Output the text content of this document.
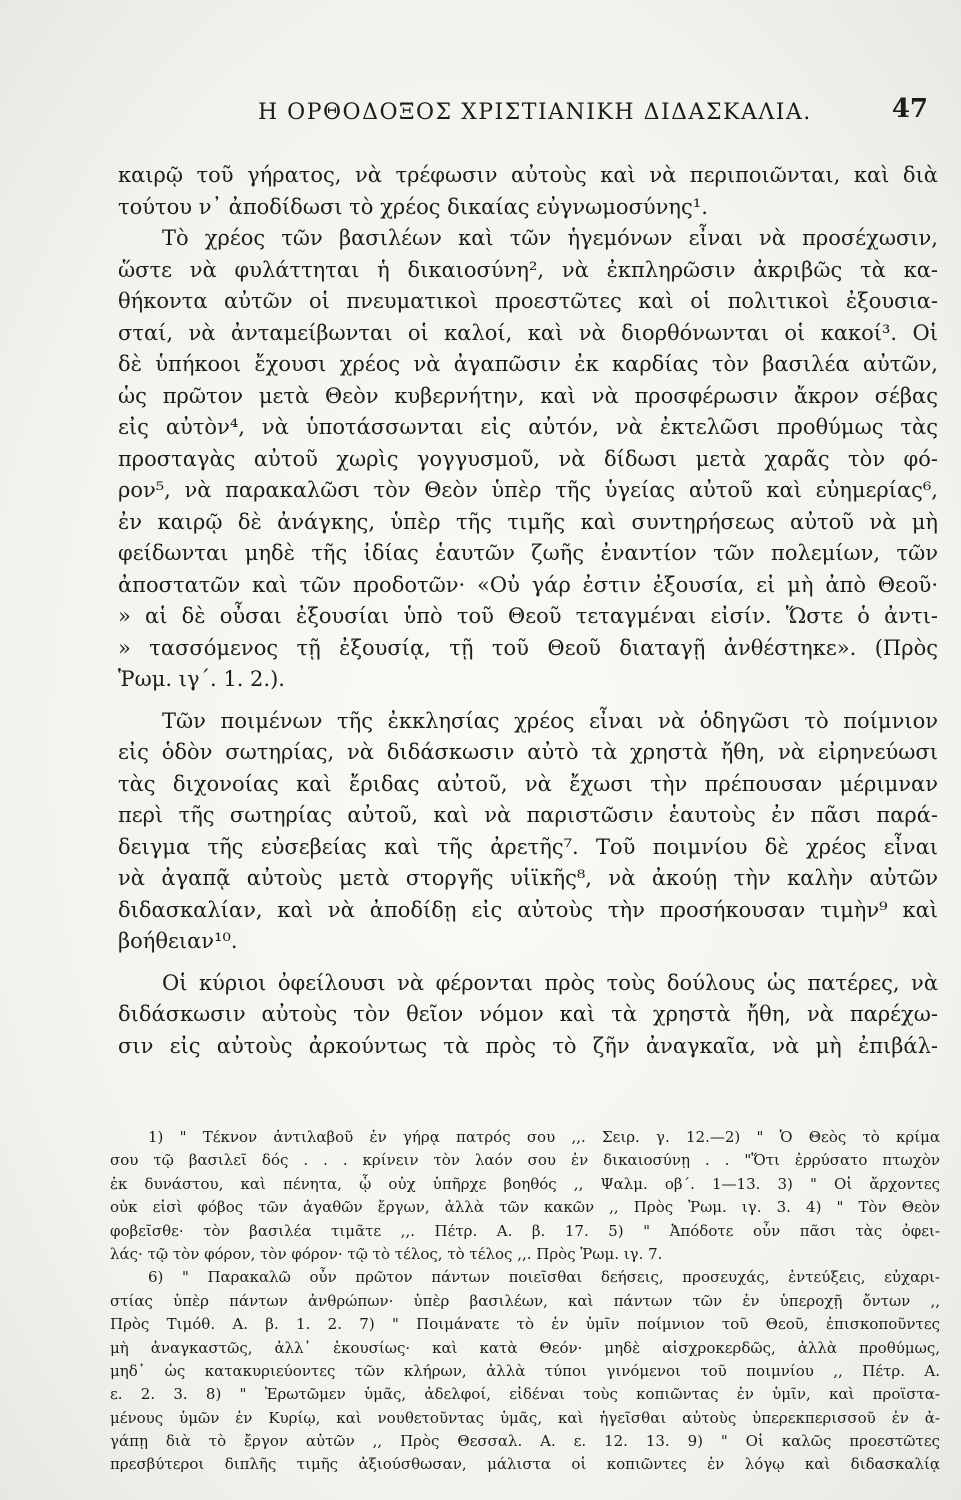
Η ΟΡΘΟΔΟΞΟΣ ΧΡΙΣΤΙΑΝΙΚΗ ΔΙΔΑΣΚΑΛΙΑ.	47
καιρῷ τοῦ γήρατος, νὰ τρέφωσιν αὐτοὺς καὶ νὰ περιποιῶνται, καὶ διὰ
τούτου ν᾽ ἀποδίδωσι τὸ χρέος δικαίας εὐγνωμοσύνης¹.
Τὸ χρέος τῶν βασιλέων καὶ τῶν ἡγεμόνων εἶναι νὰ προσέχωσιν,
ὥστε νὰ φυλάττηται ἡ δικαιοσύνη², νὰ ἐκπληρῶσιν ἀκριβῶς τὰ κα-
θήκοντα αὐτῶν οἱ πνευματικοὶ προεστῶτες καὶ οἱ πολιτικοὶ ἐξουσια-
σταί, νὰ ἀνταμείβωνται οἱ καλοί, καὶ νὰ διορθόνωνται οἱ κακοί³. Οἱ
δὲ ὑπήκοοι ἔχουσι χρέος νὰ ἀγαπῶσιν ἐκ καρδίας τὸν βασιλέα αὐτῶν,
ὡς πρῶτον μετὰ Θεὸν κυβερνήτην, καὶ νὰ προσφέρωσιν ἄκρον σέβας
εἰς αὐτὸν⁴, νὰ ὑποτάσσωνται εἰς αὐτόν, νὰ ἐκτελῶσι προθύμως τὰς
προσταγὰς αὐτοῦ χωρὶς γογγυσμοῦ, νὰ δίδωσι μετὰ χαρᾶς τὸν φό-
ρον⁵, νὰ παρακαλῶσι τὸν Θεὸν ὑπὲρ τῆς ὑγείας αὐτοῦ καὶ εὐημερίας⁶,
ἐν καιρῷ δὲ ἀνάγκης, ὑπὲρ τῆς τιμῆς καὶ συντηρήσεως αὐτοῦ νὰ μὴ
φείδωνται μηδὲ τῆς ἰδίας ἑαυτῶν ζωῆς ἐναντίον τῶν πολεμίων, τῶν
ἀποστατῶν καὶ τῶν προδοτῶν· «Οὐ γάρ ἐστιν ἐξουσία, εἰ μὴ ἀπὸ Θεοῦ·
» αἱ δὲ οὖσαι ἐξουσίαι ὑπὸ τοῦ Θεοῦ τεταγμέναι εἰσίν. Ὥστε ὁ ἀντι-
» τασσόμενος τῇ ἐξουσίᾳ, τῇ τοῦ Θεοῦ διαταγῇ ἀνθέστηκε». (Πρὸς
Ῥωμ. ιγ΄. 1. 2.).
Τῶν ποιμένων τῆς ἐκκλησίας χρέος εἶναι νὰ ὁδηγῶσι τὸ ποίμνιον
εἰς ὁδὸν σωτηρίας, νὰ διδάσκωσιν αὐτὸ τὰ χρηστὰ ἤθη, νὰ εἰρηνεύωσι
τὰς διχονοίας καὶ ἔριδας αὐτοῦ, νὰ ἔχωσι τὴν πρέπουσαν μέριμναν
περὶ τῆς σωτηρίας αὐτοῦ, καὶ νὰ παριστῶσιν ἑαυτοὺς ἐν πᾶσι παρά-
δειγμα τῆς εὐσεβείας καὶ τῆς ἀρετῆς⁷. Τοῦ ποιμνίου δὲ χρέος εἶναι
νὰ ἀγαπᾷ αὐτοὺς μετὰ στοργῆς υἱϊκῆς⁸, νὰ ἀκούῃ τὴν καλὴν αὐτῶν
διδασκαλίαν, καὶ νὰ ἀποδίδῃ εἰς αὐτοὺς τὴν προσήκουσαν τιμὴν⁹ καὶ
βοήθειαν¹⁰.
Οἱ κύριοι ὀφείλουσι νὰ φέρονται πρὸς τοὺς δούλους ὡς πατέρες, νὰ
διδάσκωσιν αὐτοὺς τὸν θεῖον νόμον καὶ τὰ χρηστὰ ἤθη, νὰ παρέχω-
σιν εἰς αὐτοὺς ἀρκούντως τὰ πρὸς τὸ ζῆν ἀναγκαῖα, νὰ μὴ ἐπιβάλ-
1) " Τέκνον ἀντιλαβοῦ ἐν γήρᾳ πατρός σου ,,. Σειρ. γ. 12.—2) " Ὁ Θεὸς τὸ κρίμα
σου τῷ βασιλεῖ δός . . . κρίνειν τὸν λαόν σου ἐν δικαιοσύνῃ . . "Ὅτι ἐρρύσατο πτωχὸν
ἐκ δυνάστου, καὶ πένητα, ᾧ οὐχ ὑπῆρχε βοηθός ,, Ψαλμ. οβ΄. 1—13. 3) " Οἱ ἄρχοντες
οὐκ εἰσὶ φόβος τῶν ἀγαθῶν ἔργων, ἀλλὰ τῶν κακῶν ,, Πρὸς Ῥωμ. ιγ. 3. 4) " Τὸν Θεὸν
φοβεῖσθε· τὸν βασιλέα τιμᾶτε ,,. Πέτρ. Α. β. 17. 5) " Ἀπόδοτε οὖν πᾶσι τὰς ὀφει-
λάς· τῷ τὸν φόρον, τὸν φόρον· τῷ τὸ τέλος, τὸ τέλος ,,. Πρὸς Ῥωμ. ιγ. 7.
6) " Παρακαλῶ οὖν πρῶτον πάντων ποιεῖσθαι δεήσεις, προσευχάς, ἐντεύξεις, εὐχαρι-
στίας ὑπὲρ πάντων ἀνθρώπων· ὑπὲρ βασιλέων, καὶ πάντων τῶν ἐν ὑπεροχῇ ὄντων ,,
Πρὸς Τιμόθ. Α. β. 1. 2. 7) " Ποιμάνατε τὸ ἐν ὑμῖν ποίμνιον τοῦ Θεοῦ, ἐπισκοποῦντες
μὴ ἀναγκαστῶς, ἀλλ᾽ ἑκουσίως· καὶ κατὰ Θεόν· μηδὲ αἰσχροκερδῶς, ἀλλὰ προθύμως,
μηδ᾽ ὡς κατακυριεύοντες τῶν κλήρων, ἀλλὰ τύποι γινόμενοι τοῦ ποιμνίου ,, Πέτρ. Α.
ε. 2. 3. 8) " Ἐρωτῶμεν ὑμᾶς, ἀδελφοί, εἰδέναι τοὺς κοπιῶντας ἐν ὑμῖν, καὶ προϊστα-
μένους ὑμῶν ἐν Κυρίῳ, καὶ νουθετοῦντας ὑμᾶς, καὶ ἡγεῖσθαι αὐτοὺς ὑπερεκπερισσοῦ ἐν ἀ-
γάπῃ διὰ τὸ ἔργον αὐτῶν ,, Πρὸς Θεσσαλ. Α. ε. 12. 13. 9) " Οἱ καλῶς προεστῶτες
πρεσβύτεροι διπλῆς τιμῆς ἀξιούσθωσαν, μάλιστα οἱ κοπιῶντες ἐν λόγῳ καὶ διδασκαλίᾳ
